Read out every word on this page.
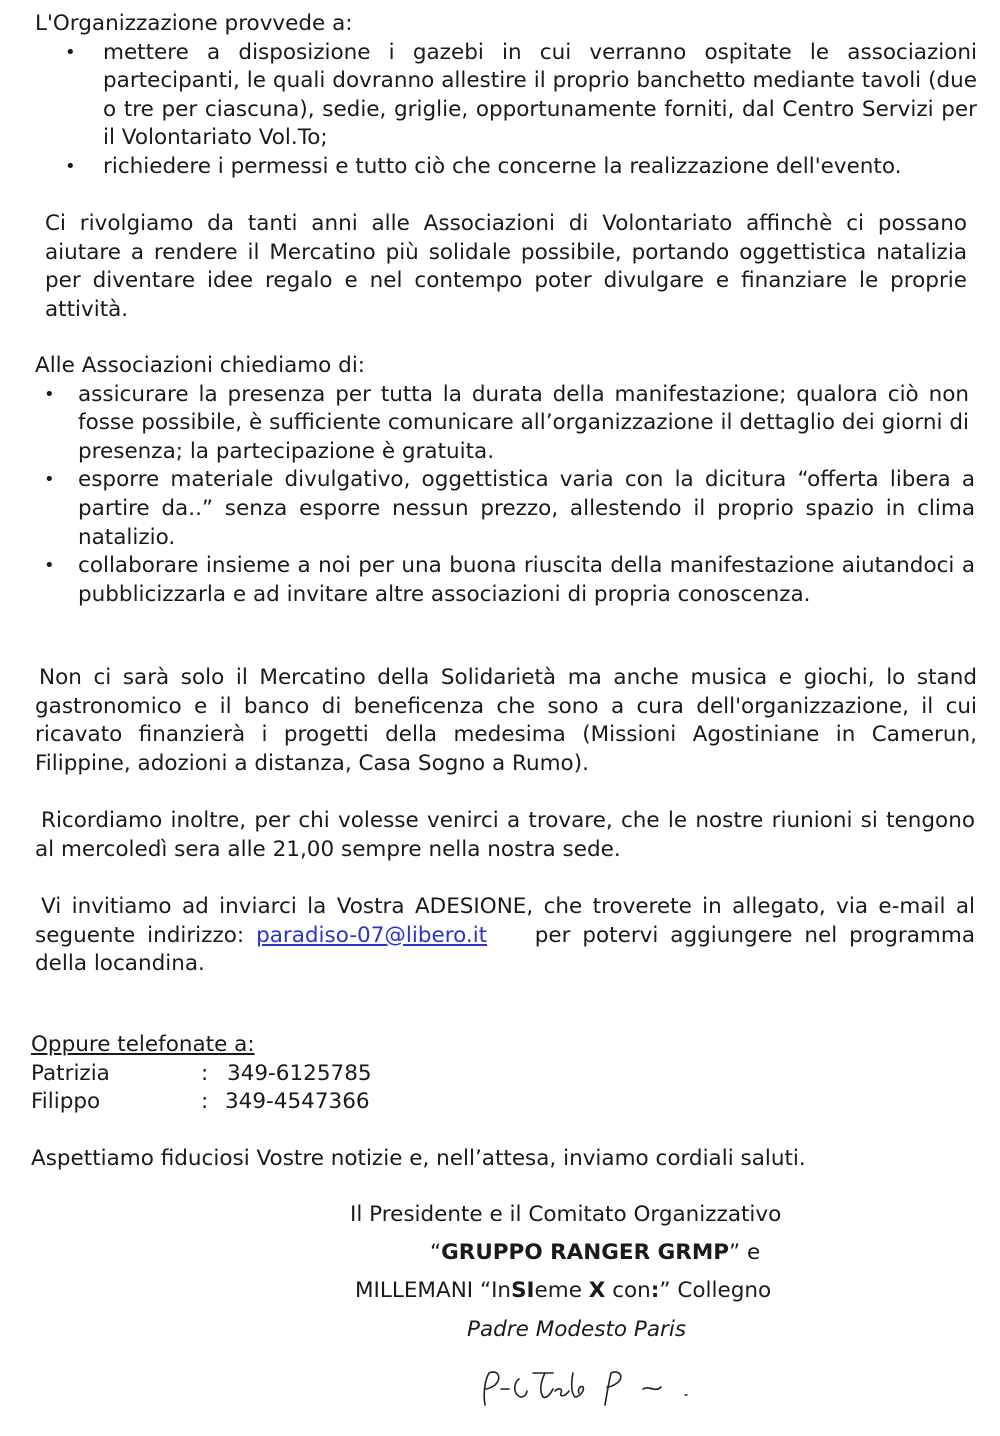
L'Organizzazione provvede a:

• mettere a disposizione i gazebi in cui verranno ospitate le associazioni partecipanti, le quali dovranno allestire il proprio banchetto mediante tavoli (due o tre per ciascuna), sedie, griglie, opportunamente forniti, dal Centro Servizi per il Volontariato Vol.To;
• richiedere i permessi e tutto ciò che concerne la realizzazione dell'evento.

Ci rivolgiamo da tanti anni alle Associazioni di Volontariato affinchè ci possano aiutare a rendere il Mercatino più solidale possibile, portando oggettistica natalizia per diventare idee regalo e nel contempo poter divulgare e finanziare le proprie attività.

Alle Associazioni chiediamo di:

• assicurare la presenza per tutta la durata della manifestazione; qualora ciò non fosse possibile, è sufficiente comunicare all’organizzazione il dettaglio dei giorni di presenza; la partecipazione è gratuita.
• esporre materiale divulgativo, oggettistica varia con la dicitura “offerta libera a partire da..” senza esporre nessun prezzo, allestendo il proprio spazio in clima natalizio.
• collaborare insieme a noi per una buona riuscita della manifestazione aiutandoci a pubblicizzarla e ad invitare altre associazioni di propria conoscenza.

Non ci sarà solo il Mercatino della Solidarietà ma anche musica e giochi, lo stand gastronomico e il banco di beneficenza che sono a cura dell'organizzazione, il cui ricavato finanzierà i progetti della medesima (Missioni Agostiniane in Camerun, Filippine, adozioni a distanza, Casa Sogno a Rumo).

Ricordiamo inoltre, per chi volesse venirci a trovare, che le nostre riunioni si tengono al mercoledì sera alle 21,00 sempre nella nostra sede.

Vi invitiamo ad inviarci la Vostra ADESIONE, che troverete in allegato, via e-mail al seguente indirizzo: paradiso-07@libero.it per potervi aggiungere nel programma della locandina.

Oppure telefonate a:

Patrizia	: 349-6125785
Filippo	: 349-4547366

Aspettiamo fiduciosi Vostre notizie e, nell’attesa, inviamo cordiali saluti.

Il Presidente e il Comitato Organizzativo

“GRUPPO RANGER GRMP” e

MILLEMANI “InSIeme X con:” Collegno

Padre Modesto Paris
